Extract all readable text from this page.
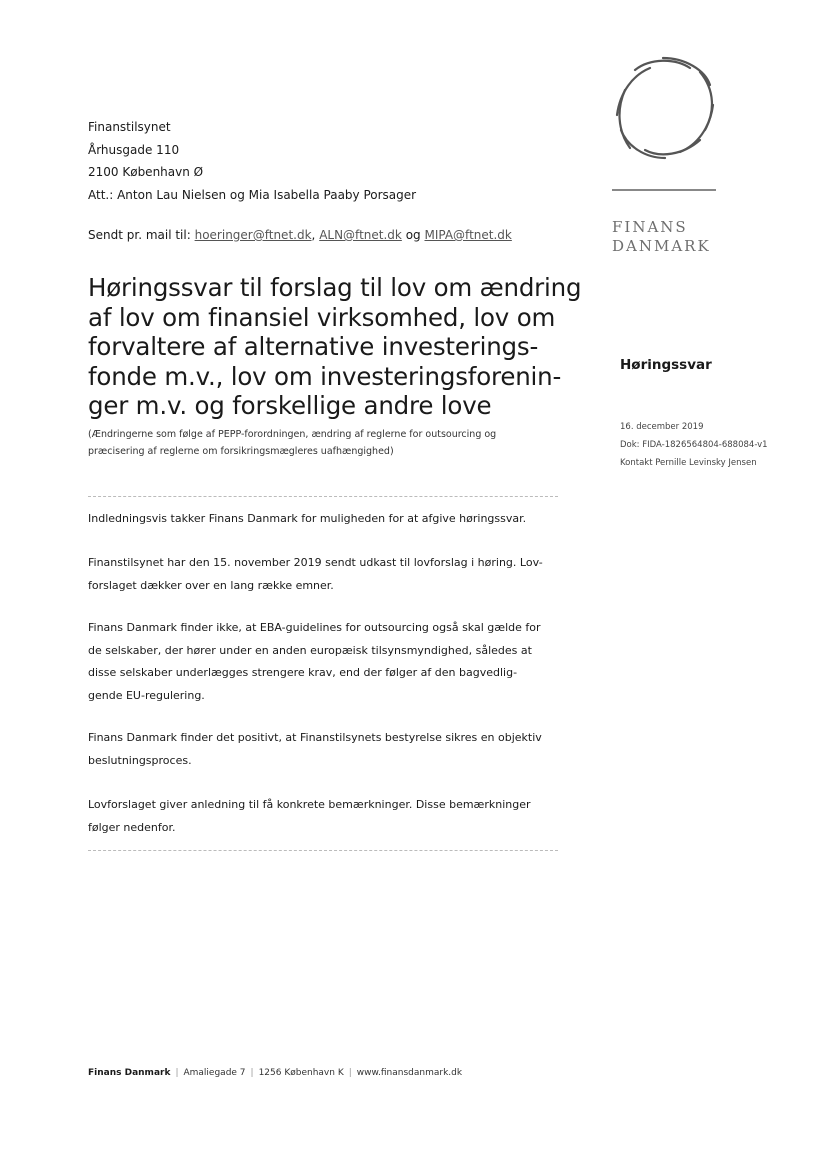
Finanstilsynet
Århusgade 110
2100 København Ø
Att.: Anton Lau Nielsen og Mia Isabella Paaby Porsager
Sendt pr. mail til: hoeringer@ftnet.dk, ALN@ftnet.dk og MIPA@ftnet.dk
Høringssvar til forslag til lov om ændring
af lov om finansiel virksomhed, lov om
forvaltere af alternative investerings-
fonde m.v., lov om investeringsforenin-
ger m.v. og forskellige andre love
(Ændringerne som følge af PEPP-forordningen, ændring af reglerne for outsourcing og
præcisering af reglerne om forsikringsmægleres uafhængighed)
Indledningsvis takker Finans Danmark for muligheden for at afgive høringssvar.
Finanstilsynet har den 15. november 2019 sendt udkast til lovforslag i høring. Lov-
forslaget dækker over en lang række emner.
Finans Danmark finder ikke, at EBA-guidelines for outsourcing også skal gælde for
de selskaber, der hører under en anden europæisk tilsynsmyndighed, således at
disse selskaber underlægges strengere krav, end der følger af den bagvedlig-
gende EU-regulering.
Finans Danmark finder det positivt, at Finanstilsynets bestyrelse sikres en objektiv
beslutningsproces.
Lovforslaget giver anledning til få konkrete bemærkninger. Disse bemærkninger
følger nedenfor.
FINANS
DANMARK
Høringssvar
16. december 2019
Dok: FIDA-1826564804-688084-v1
Kontakt Pernille Levinsky Jensen
Finans Danmark | Amaliegade 7 | 1256 København K | www.finansdanmark.dk
